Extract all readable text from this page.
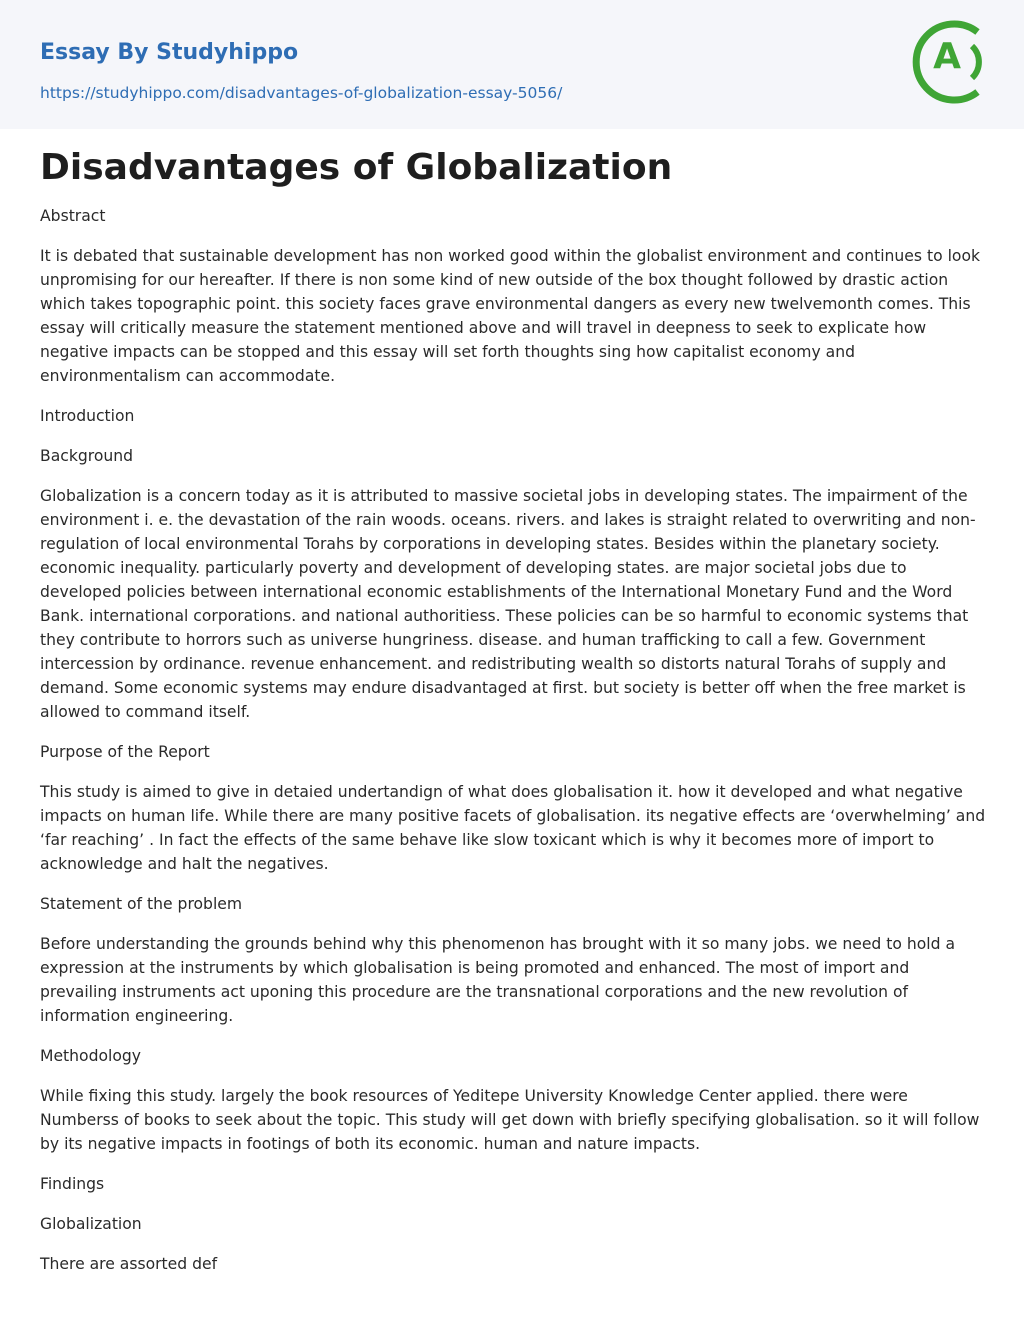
Essay By Studyhippo
https://studyhippo.com/disadvantages-of-globalization-essay-5056/
A
Disadvantages of Globalization

Abstract

It is debated that sustainable development has non worked good within the globalist environment and continues to look unpromising for our hereafter. If there is non some kind of new outside of the box thought followed by drastic action which takes topographic point. this society faces grave environmental dangers as every new twelvemonth comes. This essay will critically measure the statement mentioned above and will travel in deepness to seek to explicate how negative impacts can be stopped and this essay will set forth thoughts sing how capitalist economy and environmentalism can accommodate.

Introduction

Background

Globalization is a concern today as it is attributed to massive societal jobs in developing states. The impairment of the environment i. e. the devastation of the rain woods. oceans. rivers. and lakes is straight related to overwriting and non-regulation of local environmental Torahs by corporations in developing states. Besides within the planetary society. economic inequality. particularly poverty and development of developing states. are major societal jobs due to developed policies between international economic establishments of the International Monetary Fund and the Word Bank. international corporations. and national authoritiess. These policies can be so harmful to economic systems that they contribute to horrors such as universe hungriness. disease. and human trafficking to call a few. Government intercession by ordinance. revenue enhancement. and redistributing wealth so distorts natural Torahs of supply and demand. Some economic systems may endure disadvantaged at first. but society is better off when the free market is allowed to command itself.

Purpose of the Report

This study is aimed to give in detaied undertandign of what does globalisation it. how it developed and what negative impacts on human life. While there are many positive facets of globalisation. its negative effects are ‘overwhelming’ and ‘far reaching’ . In fact the effects of the same behave like slow toxicant which is why it becomes more of import to acknowledge and halt the negatives.

Statement of the problem

Before understanding the grounds behind why this phenomenon has brought with it so many jobs. we need to hold a expression at the instruments by which globalisation is being promoted and enhanced. The most of import and prevailing instruments act uponing this procedure are the transnational corporations and the new revolution of information engineering.

Methodology

While fixing this study. largely the book resources of Yeditepe University Knowledge Center applied. there were Numberss of books to seek about the topic. This study will get down with briefly specifying globalisation. so it will follow by its negative impacts in footings of both its economic. human and nature impacts.

Findings

Globalization

There are assorted def
